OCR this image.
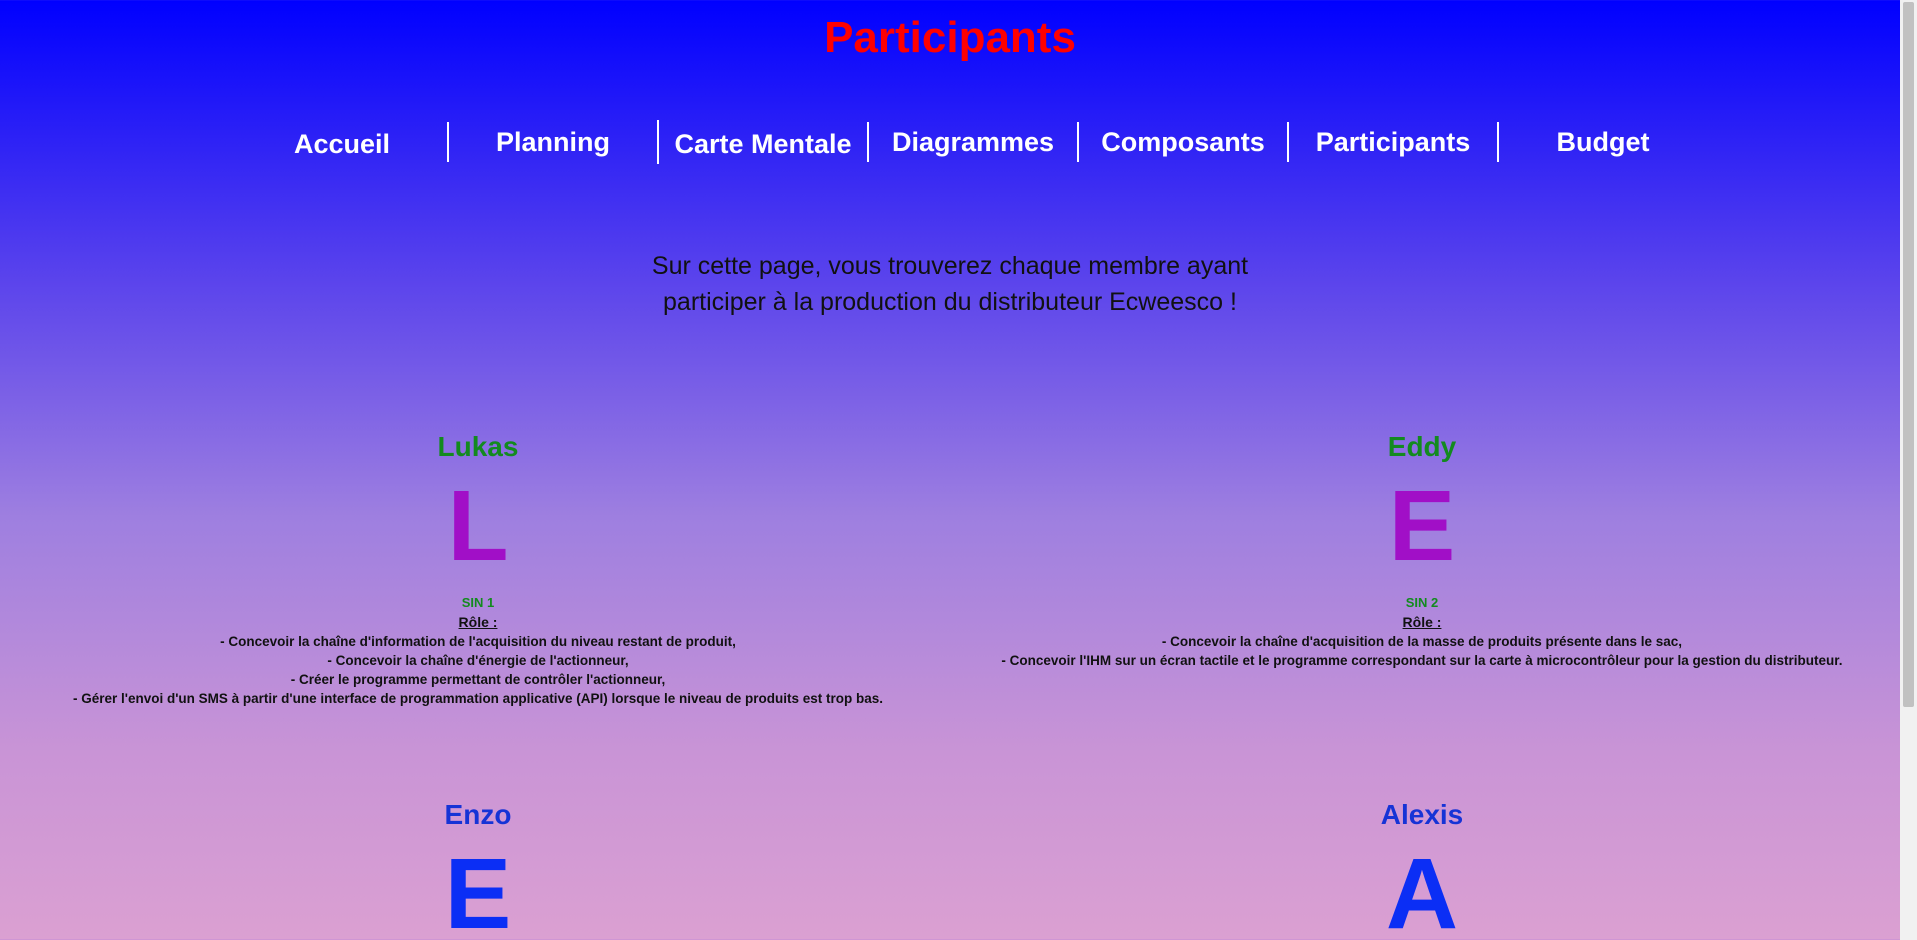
Participants
Accueil	Planning	Carte Mentale	Diagrammes	Composants	Participants	Budget
Sur cette page, vous trouverez chaque membre ayant
participer à la production du distributeur Ecweesco !
Lukas
L
SIN 1
Rôle :
- Concevoir la chaîne d'information de l'acquisition du niveau restant de produit,
- Concevoir la chaîne d'énergie de l'actionneur,
- Créer le programme permettant de contrôler l'actionneur,
- Gérer l'envoi d'un SMS à partir d'une interface de programmation applicative (API) lorsque le niveau de produits est trop bas.
Eddy
E
SIN 2
Rôle :
- Concevoir la chaîne d'acquisition de la masse de produits présente dans le sac,
- Concevoir l'IHM sur un écran tactile et le programme correspondant sur la carte à microcontrôleur pour la gestion du distributeur.
Enzo
E
Alexis
A
